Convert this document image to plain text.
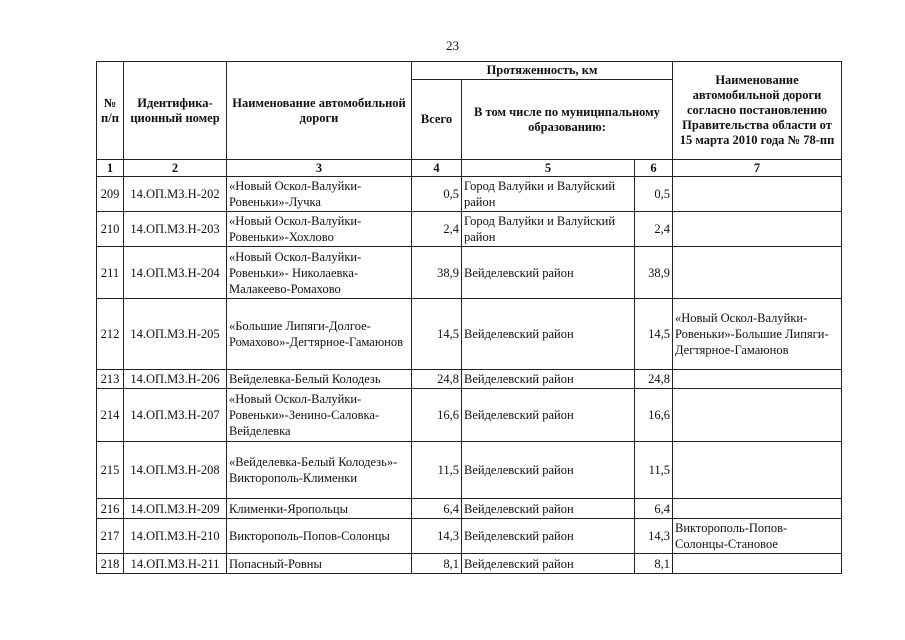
23
№ п/п	Идентифика-ционный номер	Наименование автомобильной дороги	Протяженность, км			Наименование автомобильной дороги согласно постановлению Правительства области от 15 марта 2010 года № 78-пп
			Всего	В том числе по муниципальному образованию:		
1	2	3	4	5	6	7
209	14.ОП.МЗ.Н-202	«Новый Оскол-Валуйки-Ровеньки»-Лучка	0,5	Город Валуйки и Валуйский район	0,5	
210	14.ОП.МЗ.Н-203	«Новый Оскол-Валуйки-Ровеньки»-Хохлово	2,4	Город Валуйки и Валуйский район	2,4	
211	14.ОП.МЗ.Н-204	«Новый Оскол-Валуйки-Ровеньки»- Николаевка-Малакеево-Ромахово	38,9	Вейделевский район	38,9	
212	14.ОП.МЗ.Н-205	«Большие Липяги-Долгое-Ромахово»-Дегтярное-Гамаюнов	14,5	Вейделевский район	14,5	«Новый Оскол-Валуйки-Ровеньки»-Большие Липяги-Дегтярное-Гамаюнов
213	14.ОП.МЗ.Н-206	Вейделевка-Белый Колодезь	24,8	Вейделевский район	24,8	
214	14.ОП.МЗ.Н-207	«Новый Оскол-Валуйки-Ровеньки»-Зенино-Саловка-Вейделевка	16,6	Вейделевский район	16,6	
215	14.ОП.МЗ.Н-208	«Вейделевка-Белый Колодезь»-Викторополь-Клименки	11,5	Вейделевский район	11,5	
216	14.ОП.МЗ.Н-209	Клименки-Яропольцы	6,4	Вейделевский район	6,4	
217	14.ОП.МЗ.Н-210	Викторополь-Попов-Солонцы	14,3	Вейделевский район	14,3	Викторополь-Попов-Солонцы-Становое
218	14.ОП.МЗ.Н-211	Попасный-Ровны	8,1	Вейделевский район	8,1	
